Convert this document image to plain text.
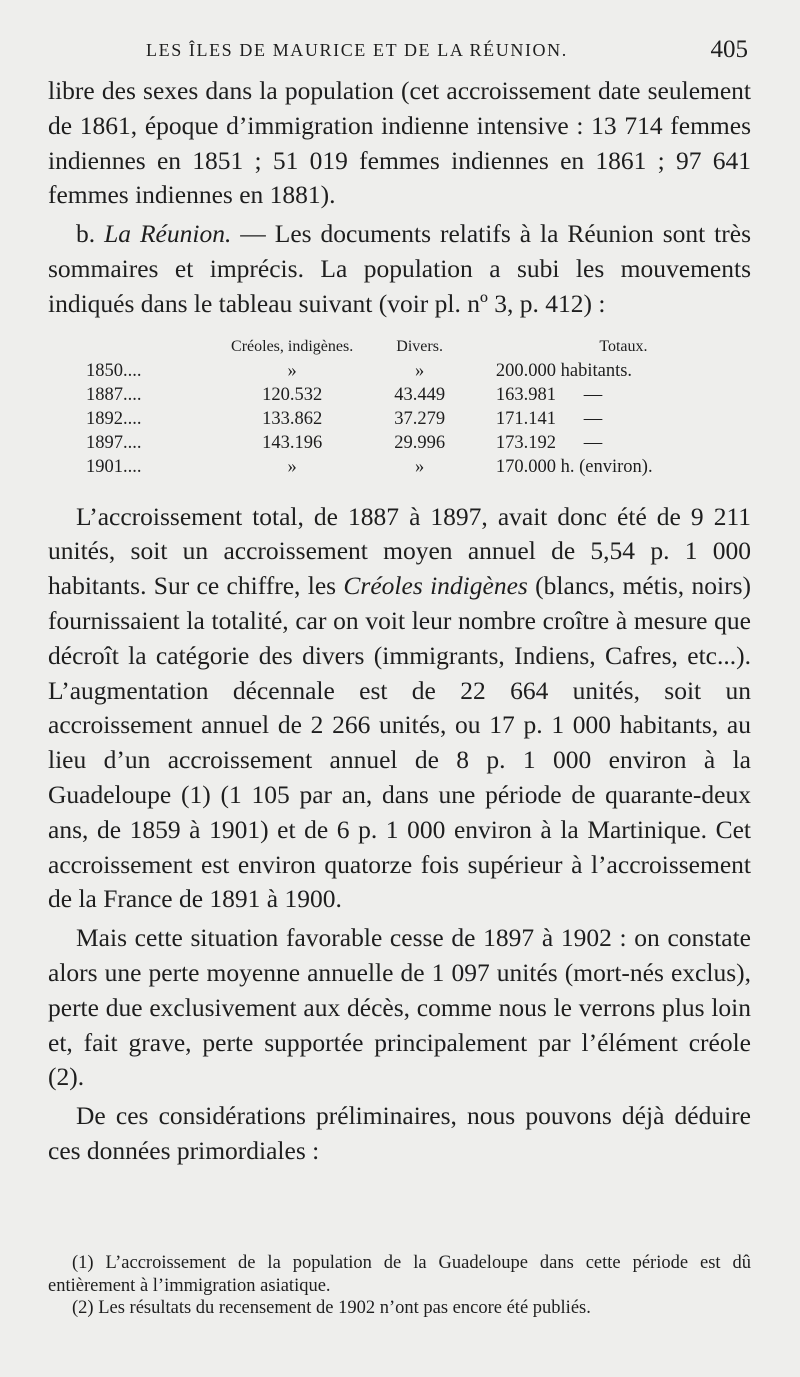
LES ÎLES DE MAURICE ET DE LA RÉUNION.	405

libre des sexes dans la population (cet accroissement date seulement de 1861, époque d’immigration indienne intensive : 13 714 femmes indiennes en 1851 ; 51 019 femmes indiennes en 1861 ; 97 641 femmes indiennes en 1881).

b. La Réunion. — Les documents relatifs à la Réunion sont très sommaires et imprécis. La population a subi les mouvements indiqués dans le tableau suivant (voir pl. nº 3, p. 412) :

	Créoles, indigènes.	Divers.	Totaux.
1850....	»	»	200.000 habitants.
1887....	120.532	43.449	163.981      —
1892....	133.862	37.279	171.141      —
1897....	143.196	29.996	173.192      —
1901....	»	»	170.000 h. (environ).

L’accroissement total, de 1887 à 1897, avait donc été de 9 211 unités, soit un accroissement moyen annuel de 5,54 p. 1 000 habitants. Sur ce chiffre, les Créoles indigènes (blancs, métis, noirs) fournissaient la totalité, car on voit leur nombre croître à mesure que décroît la catégorie des divers (immigrants, Indiens, Cafres, etc...). L’augmentation décennale est de 22 664 unités, soit un accroissement annuel de 2 266 unités, ou 17 p. 1 000 habitants, au lieu d’un accroissement annuel de 8 p. 1 000 environ à la Guadeloupe (1) (1 105 par an, dans une période de quarante-deux ans, de 1859 à 1901) et de 6 p. 1 000 environ à la Martinique. Cet accroissement est environ quatorze fois supérieur à l’accroissement de la France de 1891 à 1900.

Mais cette situation favorable cesse de 1897 à 1902 : on constate alors une perte moyenne annuelle de 1 097 unités (mort-nés exclus), perte due exclusivement aux décès, comme nous le verrons plus loin et, fait grave, perte supportée principalement par l’élément créole (2).

De ces considérations préliminaires, nous pouvons déjà déduire ces données primordiales :

(1) L’accroissement de la population de la Guadeloupe dans cette période est dû entièrement à l’immigration asiatique.

(2) Les résultats du recensement de 1902 n’ont pas encore été publiés.
